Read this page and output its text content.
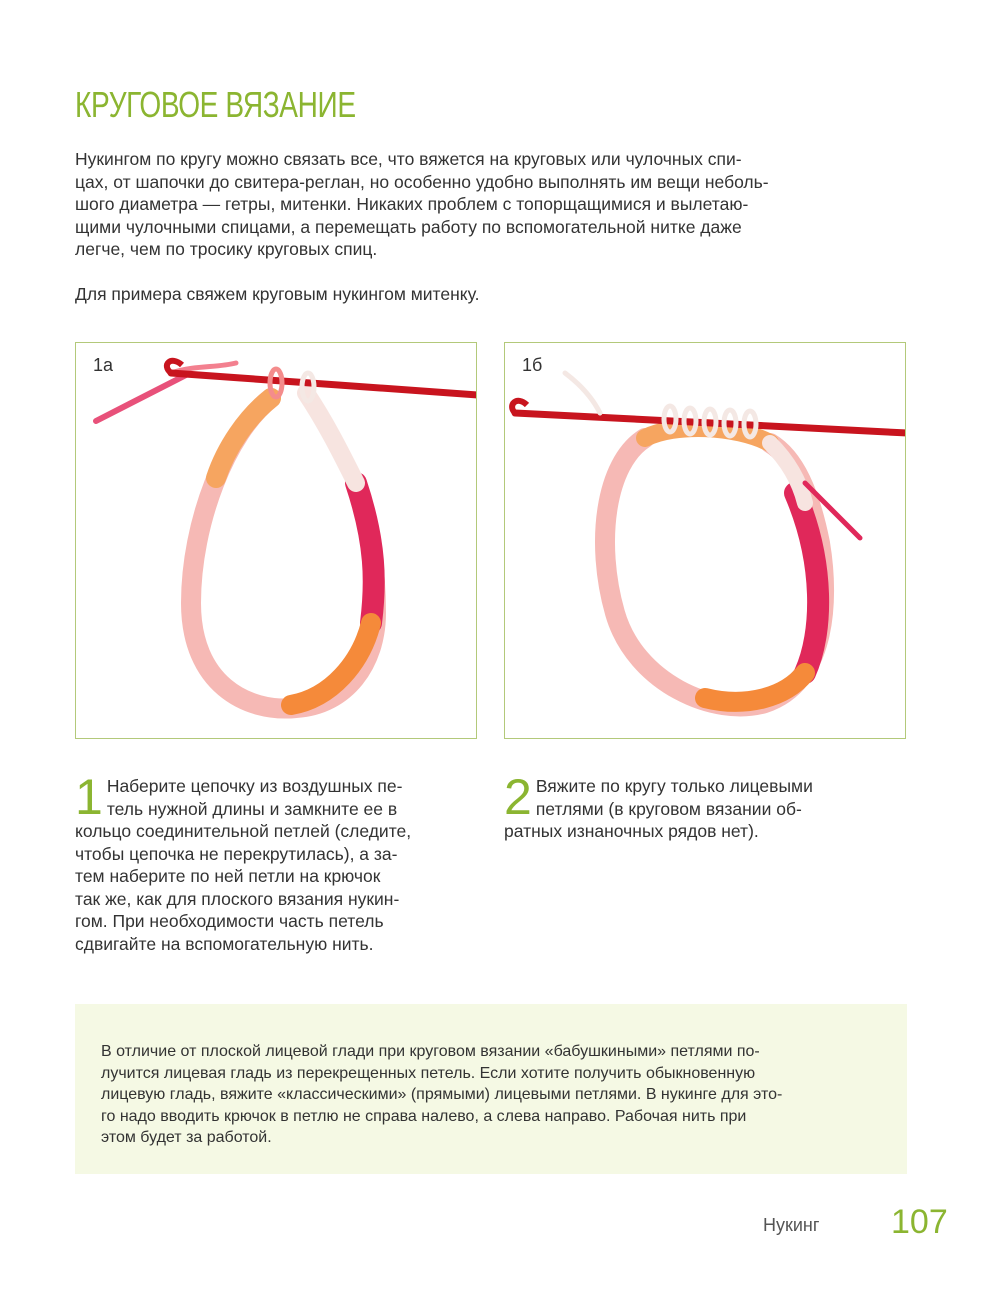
КРУГОВОЕ ВЯЗАНИЕ

Нукингом по кругу можно связать все, что вяжется на круговых или чулочных спи-
цах, от шапочки до свитера-реглан, но особенно удобно выполнять им вещи неболь-
шого диаметра — гетры, митенки. Никаких проблем с топорщащимися и вылетаю-
щими чулочными спицами, а перемещать работу по вспомогательной нитке даже
легче, чем по тросику круговых спиц.

Для примера свяжем круговым нукингом митенку.

1а	1б
1 Наберите цепочку из воздушных пе-
тель нужной длины и замкните ее в
кольцо соединительной петлей (следите,
чтобы цепочка не перекрутилась), а за-
тем наберите по ней петли на крючок
так же, как для плоского вязания нукин-
гом. При необходимости часть петель
сдвигайте на вспомогательную нить.
2 Вяжите по кругу только лицевыми
петлями (в круговом вязании об-
ратных изнаночных рядов нет).

В отличие от плоской лицевой глади при круговом вязании «бабушкиными» петлями по-
лучится лицевая гладь из перекрещенных петель. Если хотите получить обыкновенную
лицевую гладь, вяжите «классическими» (прямыми) лицевыми петлями. В нукинге для это-
го надо вводить крючок в петлю не справа налево, а слева направо. Рабочая нить при
этом будет за работой.

Нукинг 107
